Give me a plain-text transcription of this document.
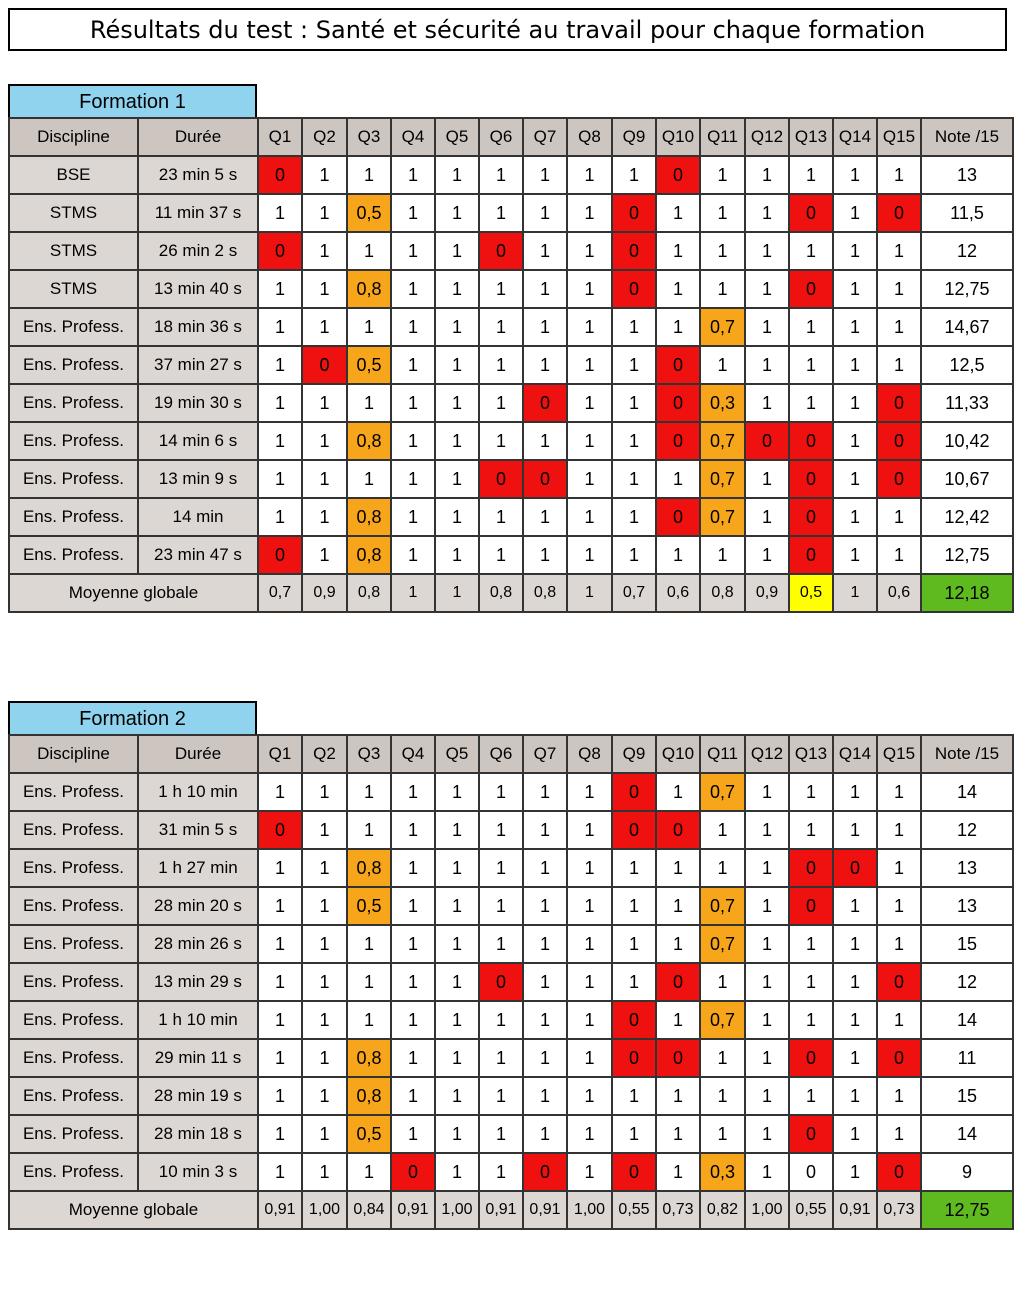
Résultats du test : Santé et sécurité au travail pour chaque formation
Formation 1
Discipline	Durée	Q1	Q2	Q3	Q4	Q5	Q6	Q7	Q8	Q9	Q10	Q11	Q12	Q13	Q14	Q15	Note /15
BSE	23 min 5 s	0	1	1	1	1	1	1	1	1	0	1	1	1	1	1	13
STMS	11 min 37 s	1	1	0,5	1	1	1	1	1	0	1	1	1	0	1	0	11,5
STMS	26 min 2 s	0	1	1	1	1	0	1	1	0	1	1	1	1	1	1	12
STMS	13 min 40 s	1	1	0,8	1	1	1	1	1	0	1	1	1	0	1	1	12,75
Ens. Profess.	18 min 36 s	1	1	1	1	1	1	1	1	1	1	0,7	1	1	1	1	14,67
Ens. Profess.	37 min 27 s	1	0	0,5	1	1	1	1	1	1	0	1	1	1	1	1	12,5
Ens. Profess.	19 min 30 s	1	1	1	1	1	1	0	1	1	0	0,3	1	1	1	0	11,33
Ens. Profess.	14 min 6 s	1	1	0,8	1	1	1	1	1	1	0	0,7	0	0	1	0	10,42
Ens. Profess.	13 min 9 s	1	1	1	1	1	0	0	1	1	1	0,7	1	0	1	0	10,67
Ens. Profess.	14 min	1	1	0,8	1	1	1	1	1	1	0	0,7	1	0	1	1	12,42
Ens. Profess.	23 min 47 s	0	1	0,8	1	1	1	1	1	1	1	1	1	0	1	1	12,75
Moyenne globale		0,7	0,9	0,8	1	1	0,8	0,8	1	0,7	0,6	0,8	0,9	0,5	1	0,6	12,18
Formation 2
Discipline	Durée	Q1	Q2	Q3	Q4	Q5	Q6	Q7	Q8	Q9	Q10	Q11	Q12	Q13	Q14	Q15	Note /15
Ens. Profess.	1 h 10 min	1	1	1	1	1	1	1	1	0	1	0,7	1	1	1	1	14
Ens. Profess.	31 min 5 s	0	1	1	1	1	1	1	1	0	0	1	1	1	1	1	12
Ens. Profess.	1 h 27 min	1	1	0,8	1	1	1	1	1	1	1	1	1	0	0	1	13
Ens. Profess.	28 min 20 s	1	1	0,5	1	1	1	1	1	1	1	0,7	1	0	1	1	13
Ens. Profess.	28 min 26 s	1	1	1	1	1	1	1	1	1	1	0,7	1	1	1	1	15
Ens. Profess.	13 min 29 s	1	1	1	1	1	0	1	1	1	0	1	1	1	1	0	12
Ens. Profess.	1 h 10 min	1	1	1	1	1	1	1	1	0	1	0,7	1	1	1	1	14
Ens. Profess.	29 min 11 s	1	1	0,8	1	1	1	1	1	0	0	1	1	0	1	0	11
Ens. Profess.	28 min 19 s	1	1	0,8	1	1	1	1	1	1	1	1	1	1	1	1	15
Ens. Profess.	28 min 18 s	1	1	0,5	1	1	1	1	1	1	1	1	1	0	1	1	14
Ens. Profess.	10 min 3 s	1	1	1	0	1	1	0	1	0	1	0,3	1	0	1	0	9
Moyenne globale		0,91	1,00	0,84	0,91	1,00	0,91	0,91	1,00	0,55	0,73	0,82	1,00	0,55	0,91	0,73	12,75
